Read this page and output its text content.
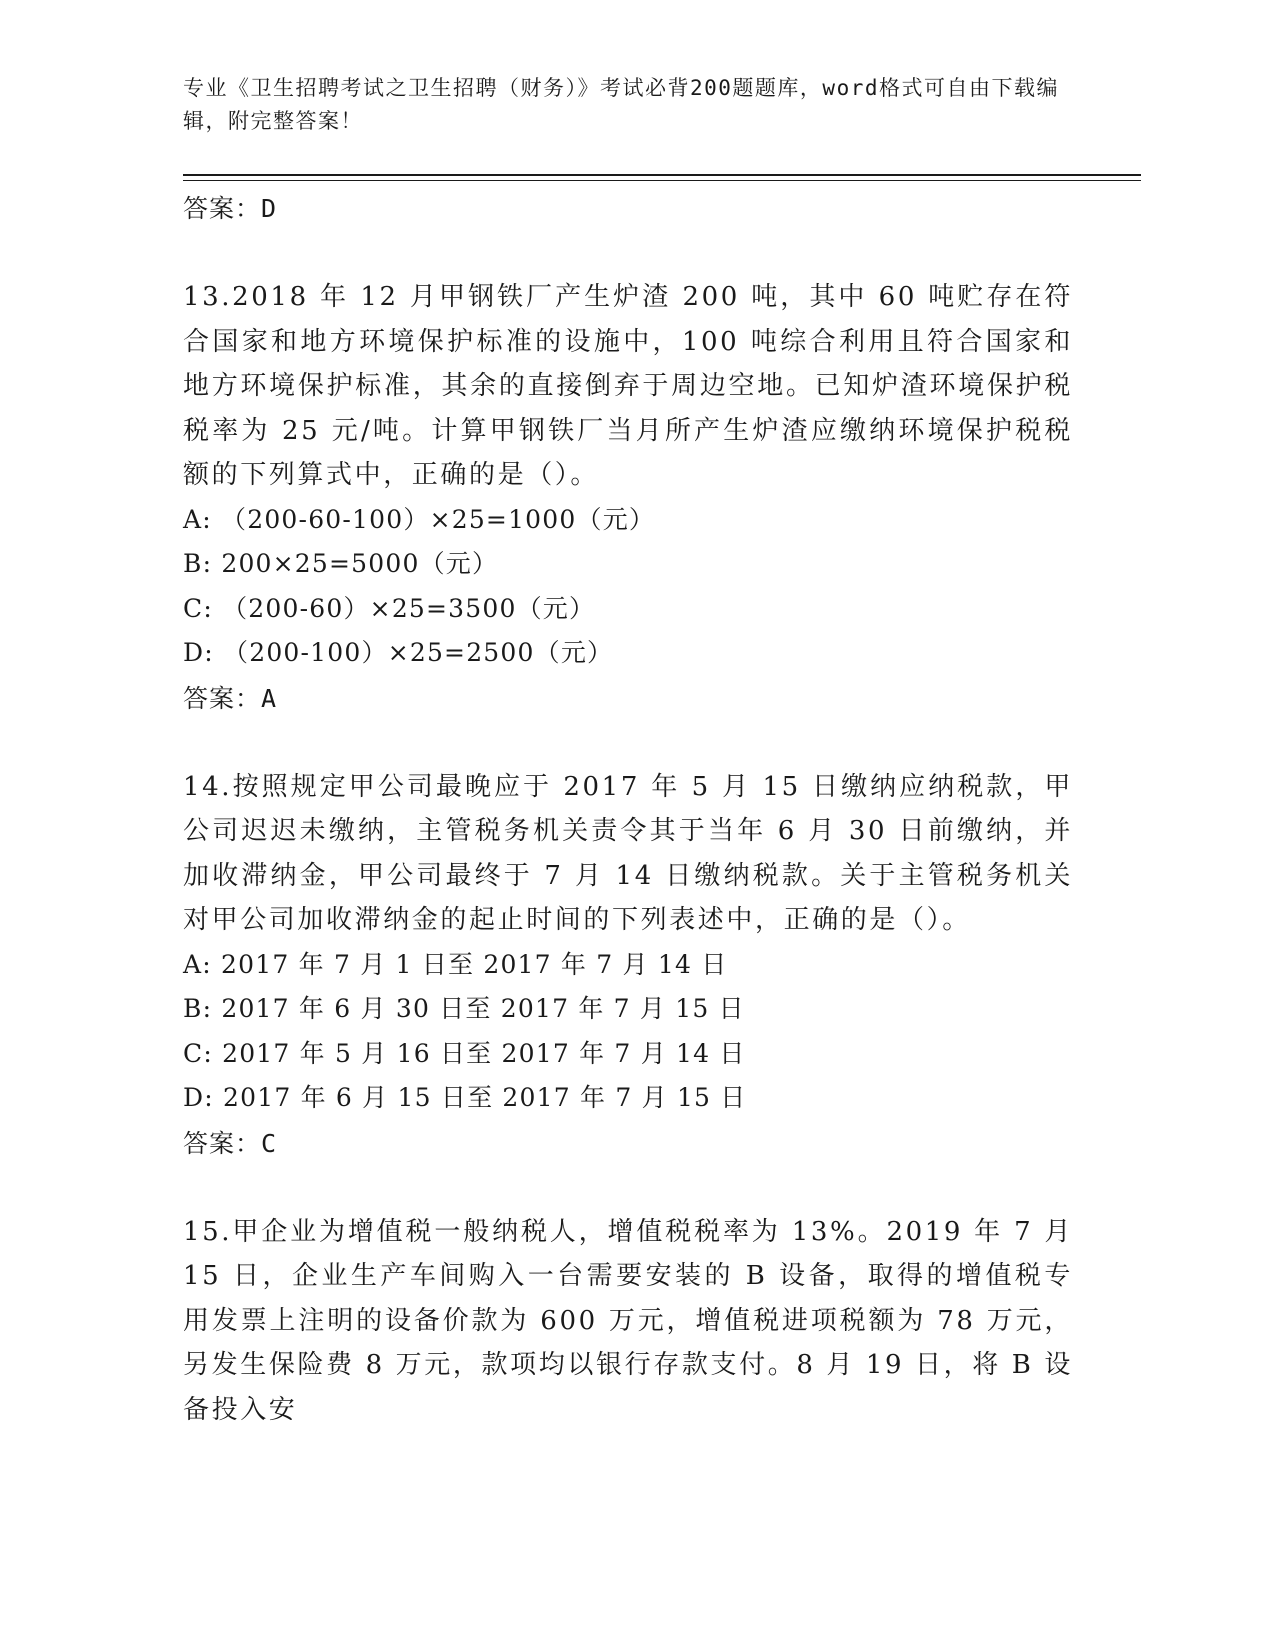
专业《卫生招聘考试之卫生招聘（财务）》考试必背200题题库，word格式可自由下载编辑，附完整答案！

答案：D

13.2018 年 12 月甲钢铁厂产生炉渣 200 吨，其中 60 吨贮存在符合国家和地方环境保护标准的设施中，100 吨综合利用且符合国家和地方环境保护标准，其余的直接倒弃于周边空地。已知炉渣环境保护税税率为 25 元/吨。计算甲钢铁厂当月所产生炉渣应缴纳环境保护税税额的下列算式中，正确的是（）。

A: （200-60-100）×25=1000（元）

B: 200×25=5000（元）

C: （200-60）×25=3500（元）

D: （200-100）×25=2500（元）

答案：A

14.按照规定甲公司最晚应于 2017 年 5 月 15 日缴纳应纳税款，甲公司迟迟未缴纳，主管税务机关责令其于当年 6 月 30 日前缴纳，并加收滞纳金，甲公司最终于 7 月 14 日缴纳税款。关于主管税务机关对甲公司加收滞纳金的起止时间的下列表述中，正确的是（）。

A: 2017 年 7 月 1 日至 2017 年 7 月 14 日

B: 2017 年 6 月 30 日至 2017 年 7 月 15 日

C: 2017 年 5 月 16 日至 2017 年 7 月 14 日

D: 2017 年 6 月 15 日至 2017 年 7 月 15 日

答案：C

15.甲企业为增值税一般纳税人，增值税税率为 13%。2019 年 7 月 15 日，企业生产车间购入一台需要安装的 B 设备，取得的增值税专用发票上注明的设备价款为 600 万元，增值税进项税额为 78 万元，另发生保险费 8 万元，款项均以银行存款支付。8 月 19 日，将 B 设备投入安
